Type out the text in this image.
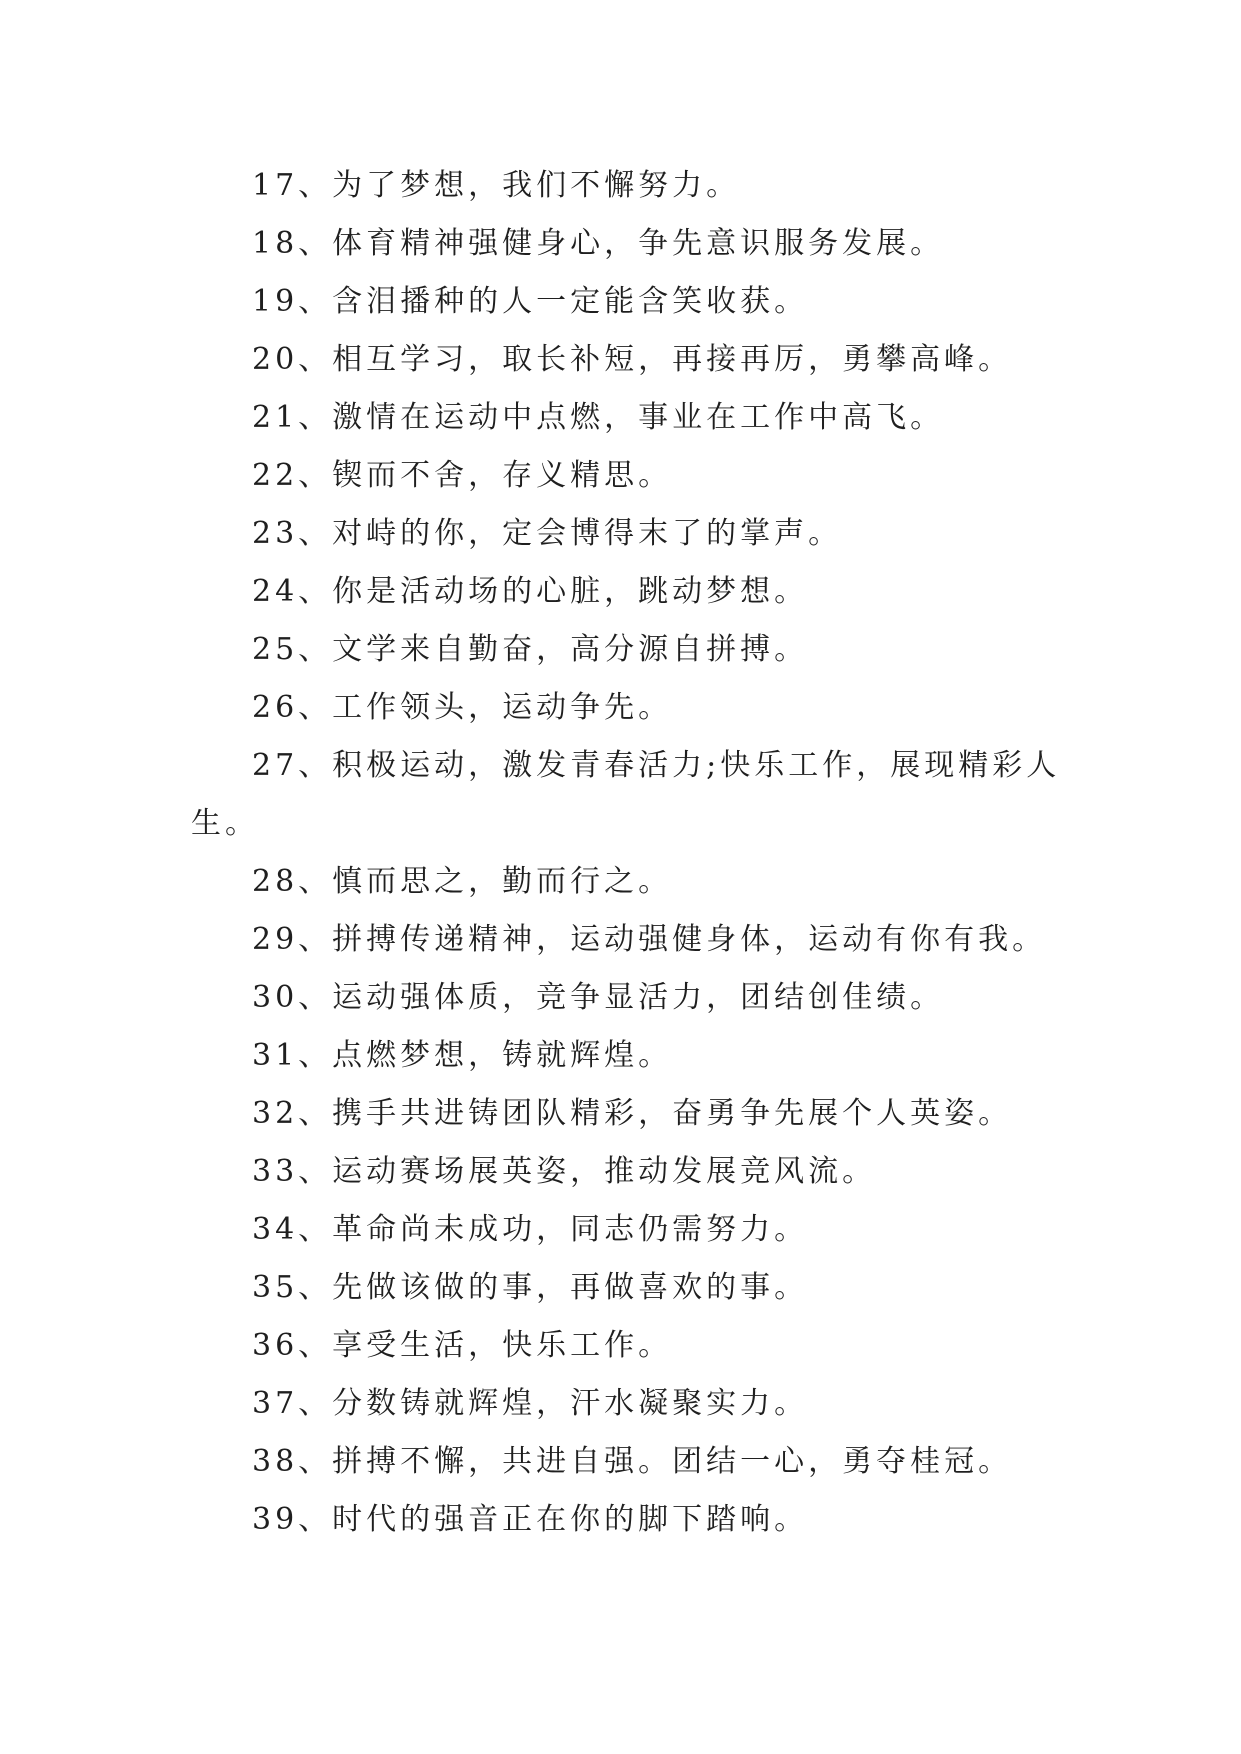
17、为了梦想，我们不懈努力。

18、体育精神强健身心，争先意识服务发展。

19、含泪播种的人一定能含笑收获。

20、相互学习，取长补短，再接再厉，勇攀高峰。

21、激情在运动中点燃，事业在工作中高飞。

22、锲而不舍，存义精思。

23、对峙的你，定会博得末了的掌声。

24、你是活动场的心脏，跳动梦想。

25、文学来自勤奋，高分源自拼搏。

26、工作领头，运动争先。

27、积极运动，激发青春活力;快乐工作，展现精彩人生。

28、慎而思之，勤而行之。

29、拼搏传递精神，运动强健身体，运动有你有我。

30、运动强体质，竞争显活力，团结创佳绩。

31、点燃梦想，铸就辉煌。

32、携手共进铸团队精彩，奋勇争先展个人英姿。

33、运动赛场展英姿，推动发展竞风流。

34、革命尚未成功，同志仍需努力。

35、先做该做的事，再做喜欢的事。

36、享受生活，快乐工作。

37、分数铸就辉煌，汗水凝聚实力。

38、拼搏不懈，共进自强。团结一心，勇夺桂冠。

39、时代的强音正在你的脚下踏响。
